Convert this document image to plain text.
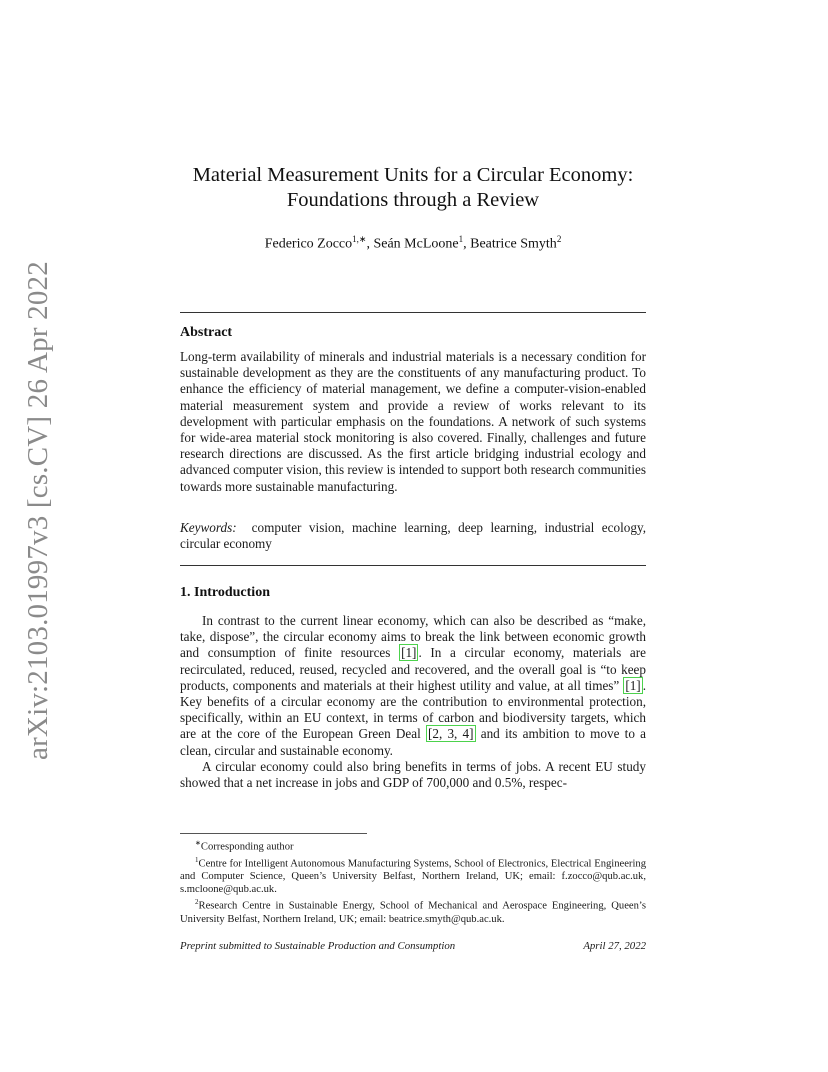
arXiv:2103.01997v3 [cs.CV] 26 Apr 2022
Material Measurement Units for a Circular Economy:
Foundations through a Review
Federico Zocco$^{1,∗}$, Seán McLoone$^1$, Beatrice Smyth$^2$
Abstract
Long-term availability of minerals and industrial materials is a necessary condition for sustainable development as they are the constituents of any manufacturing product. To enhance the efficiency of material management, we define a computer-vision-enabled material measurement system and provide a review of works relevant to its development with particular emphasis on the foundations. A network of such systems for wide-area material stock monitoring is also covered. Finally, challenges and future research directions are discussed. As the first article bridging industrial ecology and advanced computer vision, this review is intended to support both research communities towards more sustainable manufacturing.
Keywords: computer vision, machine learning, deep learning, industrial ecology, circular economy
1. Introduction

In contrast to the current linear economy, which can also be described as “make, take, dispose”, the circular economy aims to break the link between economic growth and consumption of finite resources [1] . In a circular economy, materials are recirculated, reduced, reused, recycled and recovered, and the overall goal is “to keep products, components and materials at their highest utility and value, at all times” [1] . Key benefits of a circular economy are the contribution to environmental protection, specifically, within an EU context, in terms of carbon and biodiversity targets, which are at the core of the European Green Deal [2, 3, 4] and its ambition to move to a clean, circular and sustainable economy.

A circular economy could also bring benefits in terms of jobs. A recent EU study showed that a net increase in jobs and GDP of 700,000 and 0.5%, respec-

∗Corresponding author

$^1$Centre for Intelligent Autonomous Manufacturing Systems, School of Electronics, Electrical Engineering and Computer Science, Queen’s University Belfast, Northern Ireland, UK; email: f.zocco@qub.ac.uk, s.mcloone@qub.ac.uk.

$^2$Research Centre in Sustainable Energy, School of Mechanical and Aerospace Engineering, Queen’s University Belfast, Northern Ireland, UK; email: beatrice.smyth@qub.ac.uk.

Preprint submitted to Sustainable Production and Consumption	April 27, 2022
